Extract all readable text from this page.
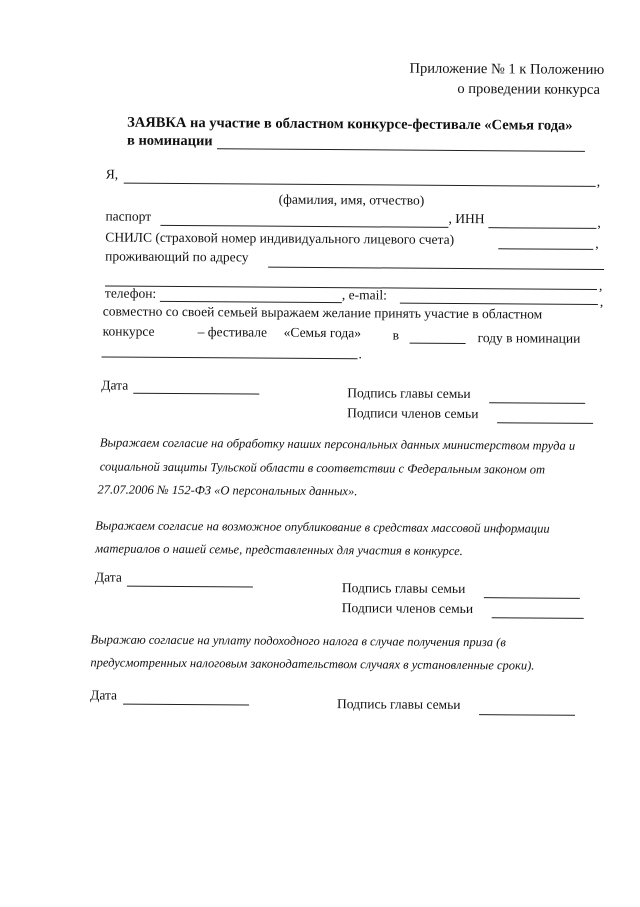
Приложение № 1 к Положению
о проведении конкурса
ЗАЯВКА на участие в областном конкурсе-фестивале «Семья года»
в номинации
Я,	,
(фамилия, имя, отчество)
паспорт	, ИНН	,
СНИЛС (страховой номер индивидуального лицевого счета)	,
проживающий по адресу
,
телефон:	, e-mail:	,
совместно со своей семьей выражаем желание принять участие в областном
конкурсе	– фестивале «Семья года» в	году в номинации
.
Дата
Подпись главы семьи
Подписи членов семьи
Выражаем согласие на обработку наших персональных данных министерством труда и
социальной защиты Тульской области в соответствии с Федеральным законом от
27.07.2006 № 152-ФЗ «О персональных данных».
Выражаем согласие на возможное опубликование в средствах массовой информации
материалов о нашей семье, представленных для участия в конкурсе.
Дата
Подпись главы семьи
Подписи членов семьи
Выражаю согласие на уплату подоходного налога в случае получения приза (в
предусмотренных налоговым законодательством случаях в установленные сроки).
Дата
Подпись главы семьи
